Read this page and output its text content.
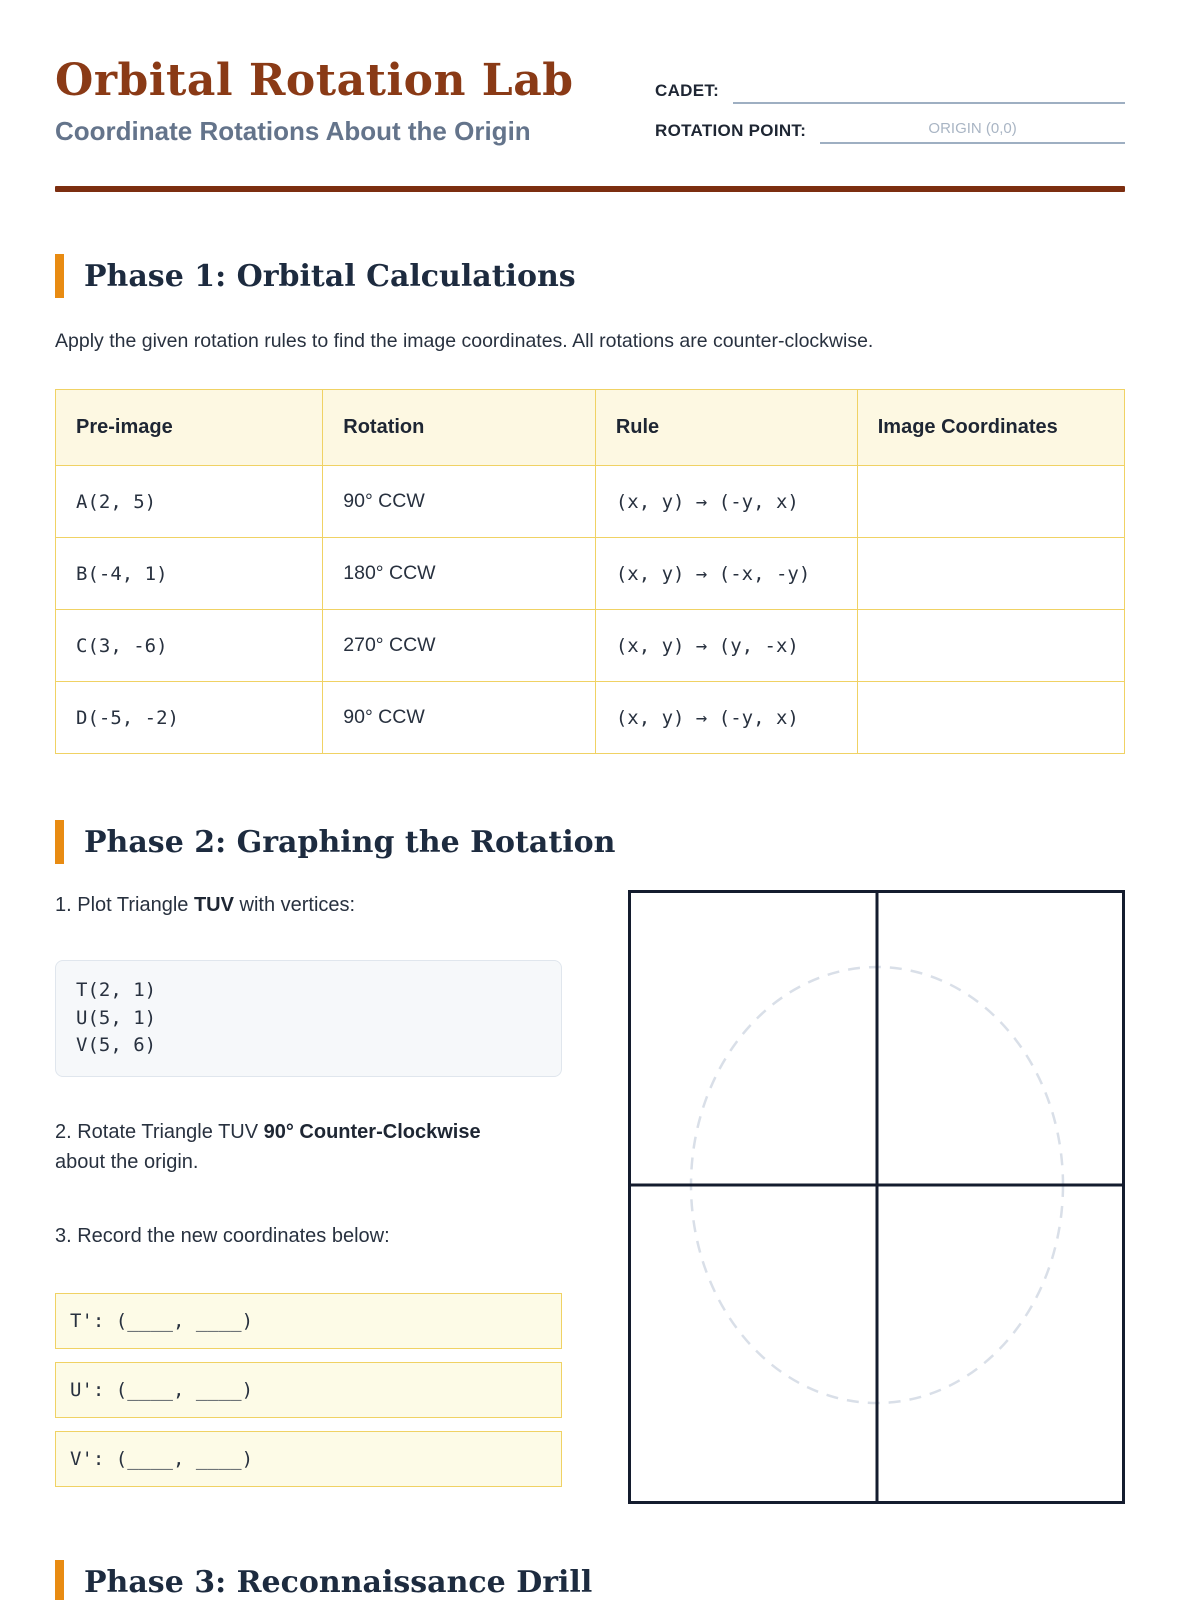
Orbital Rotation Lab
Coordinate Rotations About the Origin
CADET:
ROTATION POINT:	ORIGIN (0,0)
Phase 1: Orbital Calculations

Apply the given rotation rules to find the image coordinates. All rotations are counter-clockwise.

Pre-image	Rotation	Rule	Image Coordinates
A(2, 5)	90° CCW	(x, y) → (-y, x)	
B(-4, 1)	180° CCW	(x, y) → (-x, -y)	
C(3, -6)	270° CCW	(x, y) → (y, -x)	
D(-5, -2)	90° CCW	(x, y) → (-y, x)	
Phase 2: Graphing the Rotation

1. Plot Triangle TUV with vertices:

T(2, 1)
U(5, 1)
V(5, 6)

2. Rotate Triangle TUV 90° Counter-Clockwise about the origin.

3. Record the new coordinates below:

T': (____, ____)
U': (____, ____)
V': (____, ____)
Phase 3: Reconnaissance Drill
